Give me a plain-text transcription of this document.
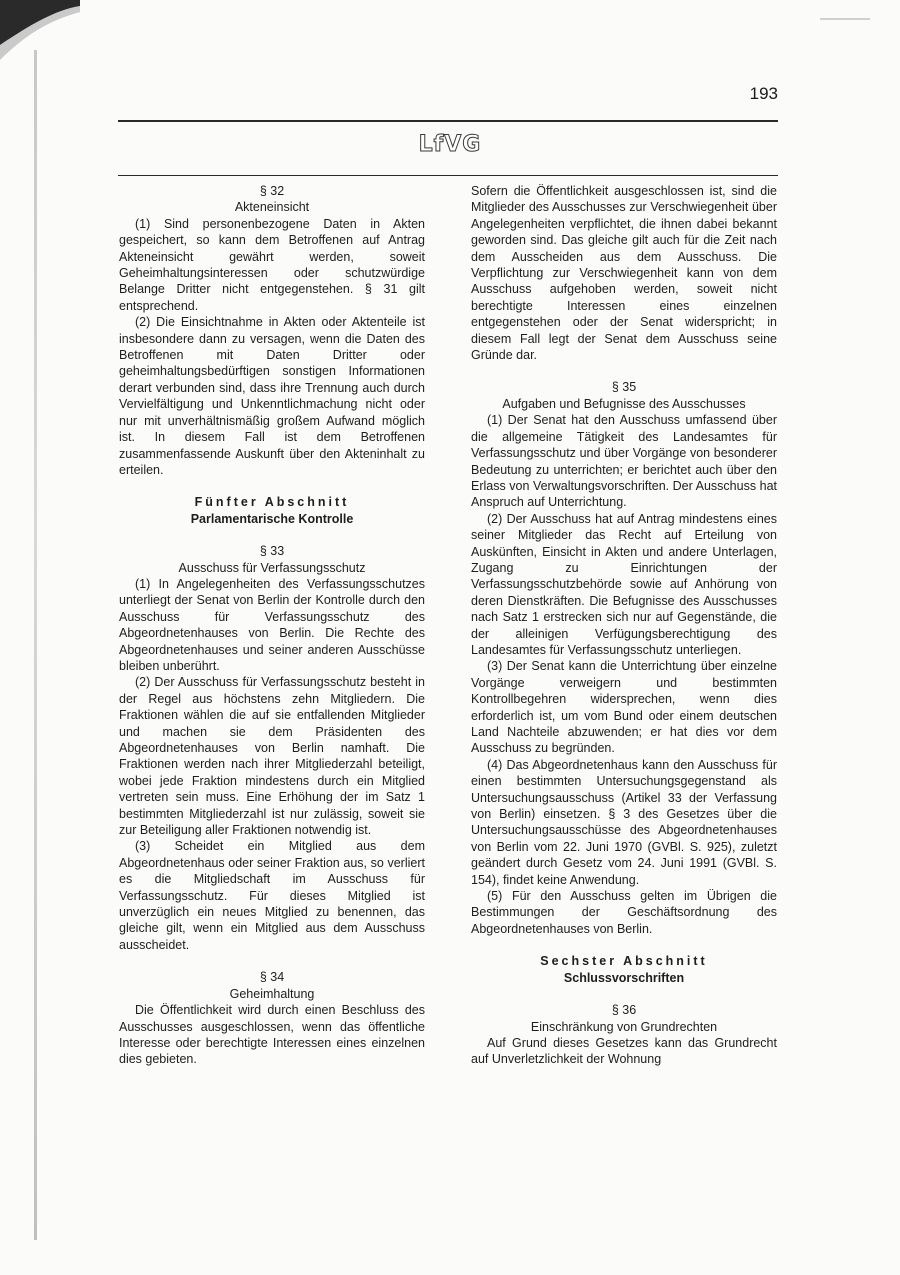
193
LfVG
§ 32
Akteneinsicht

(1) Sind personenbezogene Daten in Akten gespeichert, so kann dem Betroffenen auf Antrag Akteneinsicht gewährt werden, soweit Geheimhaltungsinteressen oder schutzwürdige Belange Dritter nicht entgegenstehen. § 31 gilt entsprechend.

(2) Die Einsichtnahme in Akten oder Aktenteile ist insbesondere dann zu versagen, wenn die Daten des Betroffenen mit Daten Dritter oder geheimhaltungsbedürftigen sonstigen Informationen derart verbunden sind, dass ihre Trennung auch durch Vervielfältigung und Unkenntlichmachung nicht oder nur mit unverhältnismäßig großem Aufwand möglich ist. In diesem Fall ist dem Betroffenen zusammenfassende Auskunft über den Akteninhalt zu erteilen.

Fünfter Abschnitt
Parlamentarische Kontrolle
§ 33
Ausschuss für Verfassungsschutz

(1) In Angelegenheiten des Verfassungsschutzes unterliegt der Senat von Berlin der Kontrolle durch den Ausschuss für Verfassungsschutz des Abgeordnetenhauses von Berlin. Die Rechte des Abgeordnetenhauses und seiner anderen Ausschüsse bleiben unberührt.

(2) Der Ausschuss für Verfassungsschutz besteht in der Regel aus höchstens zehn Mitgliedern. Die Fraktionen wählen die auf sie entfallenden Mitglieder und machen sie dem Präsidenten des Abgeordnetenhauses von Berlin namhaft. Die Fraktionen werden nach ihrer Mitgliederzahl beteiligt, wobei jede Fraktion mindestens durch ein Mitglied vertreten sein muss. Eine Erhöhung der im Satz 1 bestimmten Mitgliederzahl ist nur zulässig, soweit sie zur Beteiligung aller Fraktionen notwendig ist.

(3) Scheidet ein Mitglied aus dem Abgeordnetenhaus oder seiner Fraktion aus, so verliert es die Mitgliedschaft im Ausschuss für Verfassungsschutz. Für dieses Mitglied ist unverzüglich ein neues Mitglied zu benennen, das gleiche gilt, wenn ein Mitglied aus dem Ausschuss ausscheidet.

§ 34
Geheimhaltung

Die Öffentlichkeit wird durch einen Beschluss des Ausschusses ausgeschlossen, wenn das öffentliche Interesse oder berechtigte Interessen eines einzelnen dies gebieten.

Sofern die Öffentlichkeit ausgeschlossen ist, sind die Mitglieder des Ausschusses zur Verschwiegenheit über Angelegenheiten verpflichtet, die ihnen dabei bekannt geworden sind. Das gleiche gilt auch für die Zeit nach dem Ausscheiden aus dem Ausschuss. Die Verpflichtung zur Verschwiegenheit kann von dem Ausschuss aufgehoben werden, soweit nicht berechtigte Interessen eines einzelnen entgegenstehen oder der Senat widerspricht; in diesem Fall legt der Senat dem Ausschuss seine Gründe dar.

§ 35
Aufgaben und Befugnisse des Ausschusses

(1) Der Senat hat den Ausschuss umfassend über die allgemeine Tätigkeit des Landesamtes für Verfassungsschutz und über Vorgänge von besonderer Bedeutung zu unterrichten; er berichtet auch über den Erlass von Verwaltungsvorschriften. Der Ausschuss hat Anspruch auf Unterrichtung.

(2) Der Ausschuss hat auf Antrag mindestens eines seiner Mitglieder das Recht auf Erteilung von Auskünften, Einsicht in Akten und andere Unterlagen, Zugang zu Einrichtungen der Verfassungsschutzbehörde sowie auf Anhörung von deren Dienstkräften. Die Befugnisse des Ausschusses nach Satz 1 erstrecken sich nur auf Gegenstände, die der alleinigen Verfügungsberechtigung des Landesamtes für Verfassungsschutz unterliegen.

(3) Der Senat kann die Unterrichtung über einzelne Vorgänge verweigern und bestimmten Kontrollbegehren widersprechen, wenn dies erforderlich ist, um vom Bund oder einem deutschen Land Nachteile abzuwenden; er hat dies vor dem Ausschuss zu begründen.

(4) Das Abgeordnetenhaus kann den Ausschuss für einen bestimmten Untersuchungsgegenstand als Untersuchungsausschuss (Artikel 33 der Verfassung von Berlin) einsetzen. § 3 des Gesetzes über die Untersuchungsausschüsse des Abgeordnetenhauses von Berlin vom 22. Juni 1970 (GVBl. S. 925), zuletzt geändert durch Gesetz vom 24. Juni 1991 (GVBl. S. 154), findet keine Anwendung.

(5) Für den Ausschuss gelten im Übrigen die Bestimmungen der Geschäftsordnung des Abgeordnetenhauses von Berlin.

Sechster Abschnitt
Schlussvorschriften
§ 36
Einschränkung von Grundrechten

Auf Grund dieses Gesetzes kann das Grundrecht auf Unverletzlichkeit der Wohnung
